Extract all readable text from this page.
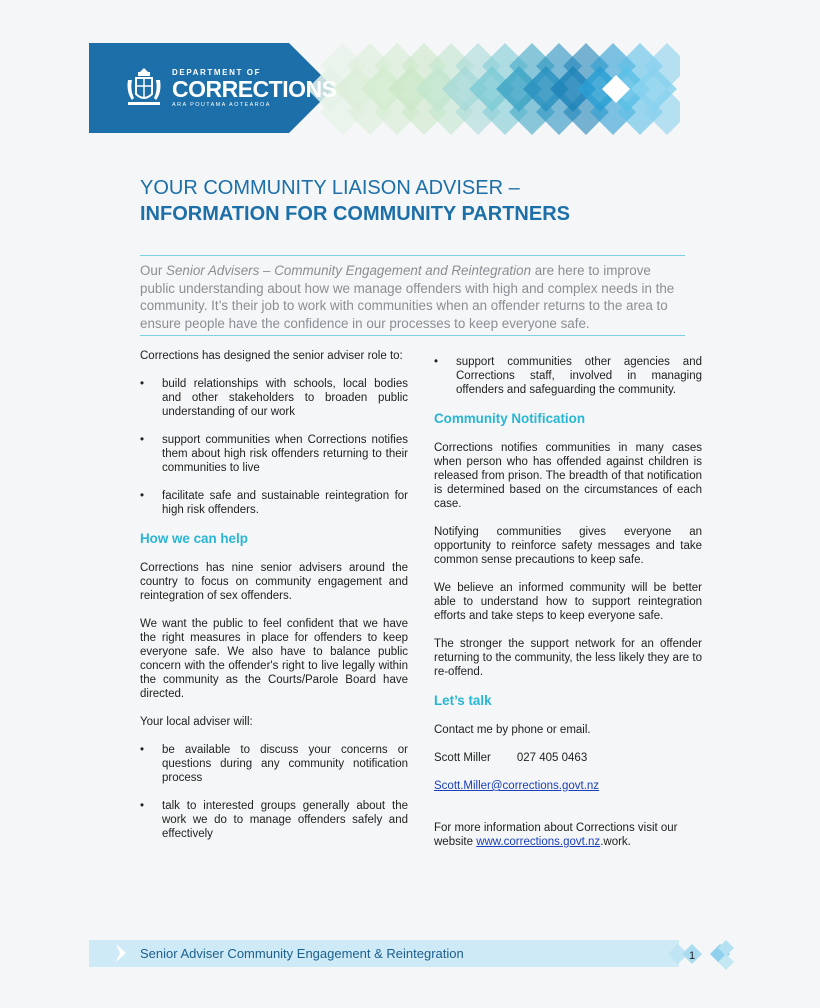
DEPARTMENT OF
CORRECTIONS
ARA POUTAMA AOTEAROA
YOUR COMMUNITY LIAISON ADVISER –
INFORMATION FOR COMMUNITY PARTNERS
Our Senior Advisers – Community Engagement and Reintegration are here to improve public understanding about how we manage offenders with high and complex needs in the community. It’s their job to work with communities when an offender returns to the area to ensure people have the confidence in our processes to keep everyone safe.

Corrections has designed the senior adviser role to:

• build relationships with schools, local bodies and other stakeholders to broaden public understanding of our work
• support communities when Corrections notifies them about high risk offenders returning to their communities to live
• facilitate safe and sustainable reintegration for high risk offenders.
How we can help

Corrections has nine senior advisers around the country to focus on community engagement and reintegration of sex offenders.

We want the public to feel confident that we have the right measures in place for offenders to keep everyone safe. We also have to balance public concern with the offender's right to live legally within the community as the Courts/Parole Board have directed.

Your local adviser will:

• be available to discuss your concerns or questions during any community notification process
• talk to interested groups generally about the work we do to manage offenders safely and effectively
• support communities other agencies and Corrections staff, involved in managing offenders and safeguarding the community.
Community Notification

Corrections notifies communities in many cases when person who has offended against children is released from prison. The breadth of that notification is determined based on the circumstances of each case.

Notifying communities gives everyone an opportunity to reinforce safety messages and take common sense precautions to keep safe.

We believe an informed community will be better able to understand how to support reintegration efforts and take steps to keep everyone safe.

The stronger the support network for an offender returning to the community, the less likely they are to re-offend.

Let’s talk

Contact me by phone or email.

Scott Miller 027 405 0463

Scott.Miller@corrections.govt.nz

For more information about Corrections visit our website www.corrections.govt.nz.work.

Senior Adviser Community Engagement & Reintegration	1
